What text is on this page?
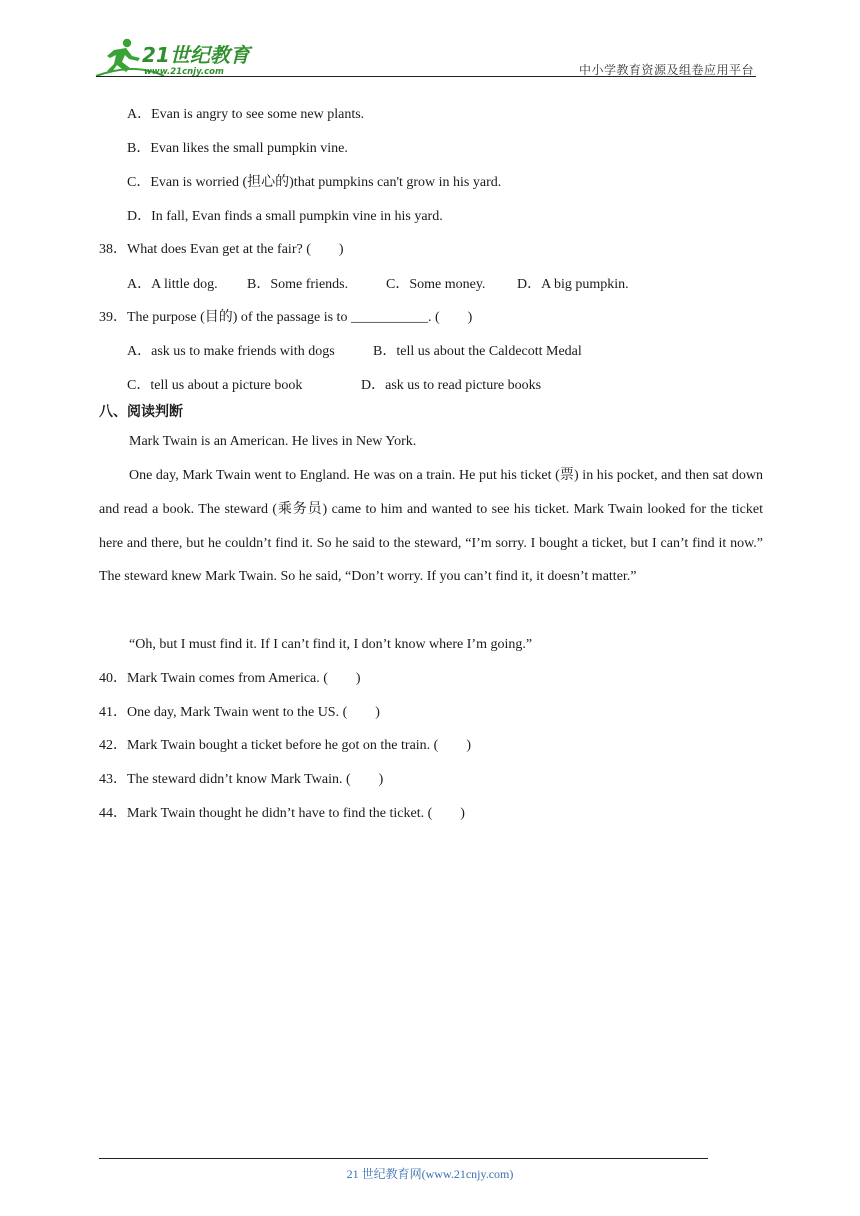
21世纪教育
www.21cnjy.com	中小学教育资源及组卷应用平台
A．Evan is angry to see some new plants.
B．Evan likes the small pumpkin vine.
C．Evan is worried (担心的)that pumpkins can't grow in his yard.
D．In fall, Evan finds a small pumpkin vine in his yard.
38．What does Evan get at the fair? (　　)
A．A little dog. B．Some friends.	C．Some money. D．A big pumpkin.
39．The purpose (目的) of the passage is to ___________. (　　)
A．ask us to make friends with dogs	B．tell us about the Caldecott Medal
C．tell us about a picture book	D．ask us to read picture books
八、阅读判断
Mark Twain is an American. He lives in New York.
One day, Mark Twain went to England. He was on a train. He put his ticket (票) in his pocket, and then sat down and read a book. The steward (乘务员) came to him and wanted to see his ticket. Mark Twain looked for the ticket here and there, but he couldn’t find it. So he said to the steward, “I’m sorry. I bought a ticket, but I can’t find it now.” The steward knew Mark Twain. So he said, “Don’t worry. If you can’t find it, it doesn’t matter.”
“Oh, but I must find it. If I can’t find it, I don’t know where I’m going.”
40．Mark Twain comes from America. (　　)
41．One day, Mark Twain went to the US. (　　)
42．Mark Twain bought a ticket before he got on the train. (　　)
43．The steward didn’t know Mark Twain. (　　)
44．Mark Twain thought he didn’t have to find the ticket. (　　)
21 世纪教育网(www.21cnjy.com)
